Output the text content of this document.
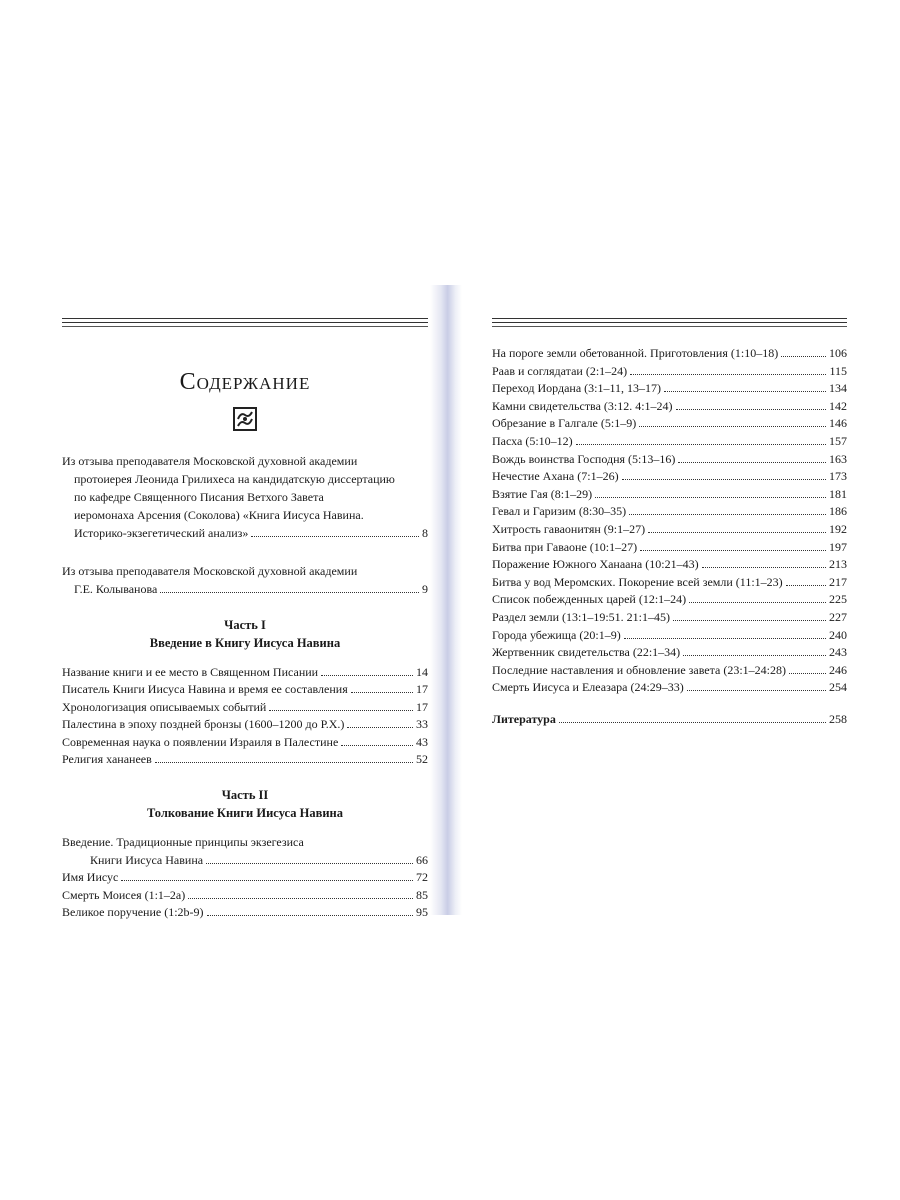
Содержание
Из отзыва преподавателя Московской духовной академии
протоиерея Леонида Грилихеса на кандидатскую диссертацию
по кафедре Священного Писания Ветхого Завета
иеромонаха Арсения (Соколова) «Книга Иисуса Навина.
Историко-экзегетический анализ»	8
Из отзыва преподавателя Московской духовной академии
Г.Е. Колыванова	9
Часть I
Введение в Книгу Иисуса Навина
Название книги и ее место в Священном Писании	14
Писатель Книги Иисуса Навина и время ее составления	17
Хронологизация описываемых событий	17
Палестина в эпоху поздней бронзы (1600–1200 до Р.Х.)	33
Современная наука о появлении Израиля в Палестине	43
Религия хананеев	52
Часть II
Толкование Книги Иисуса Навина
Введение. Традиционные принципы экзегезиса
Книги Иисуса Навина	66
Имя Иисус	72
Смерть Моисея (1:1–2а)	85
Великое поручение (1:2b-9)	95
На пороге земли обетованной. Приготовления (1:10–18)	106
Раав и соглядатаи (2:1–24)	115
Переход Иордана (3:1–11, 13–17)	134
Камни свидетельства (3:12. 4:1–24)	142
Обрезание в Галгале (5:1–9)	146
Пасха (5:10–12)	157
Вождь воинства Господня (5:13–16)	163
Нечестие Ахана (7:1–26)	173
Взятие Гая (8:1–29)	181
Гевал и Гаризим (8:30–35)	186
Хитрость гаваонитян (9:1–27)	192
Битва при Гаваоне (10:1–27)	197
Поражение Южного Ханаана (10:21–43)	213
Битва у вод Меромских. Покорение всей земли (11:1–23)	217
Список побежденных царей (12:1–24)	225
Раздел земли (13:1–19:51. 21:1–45)	227
Города убежища (20:1–9)	240
Жертвенник свидетельства (22:1–34)	243
Последние наставления и обновление завета (23:1–24:28)	246
Смерть Иисуса и Елеазара (24:29–33)	254
Литература	258
